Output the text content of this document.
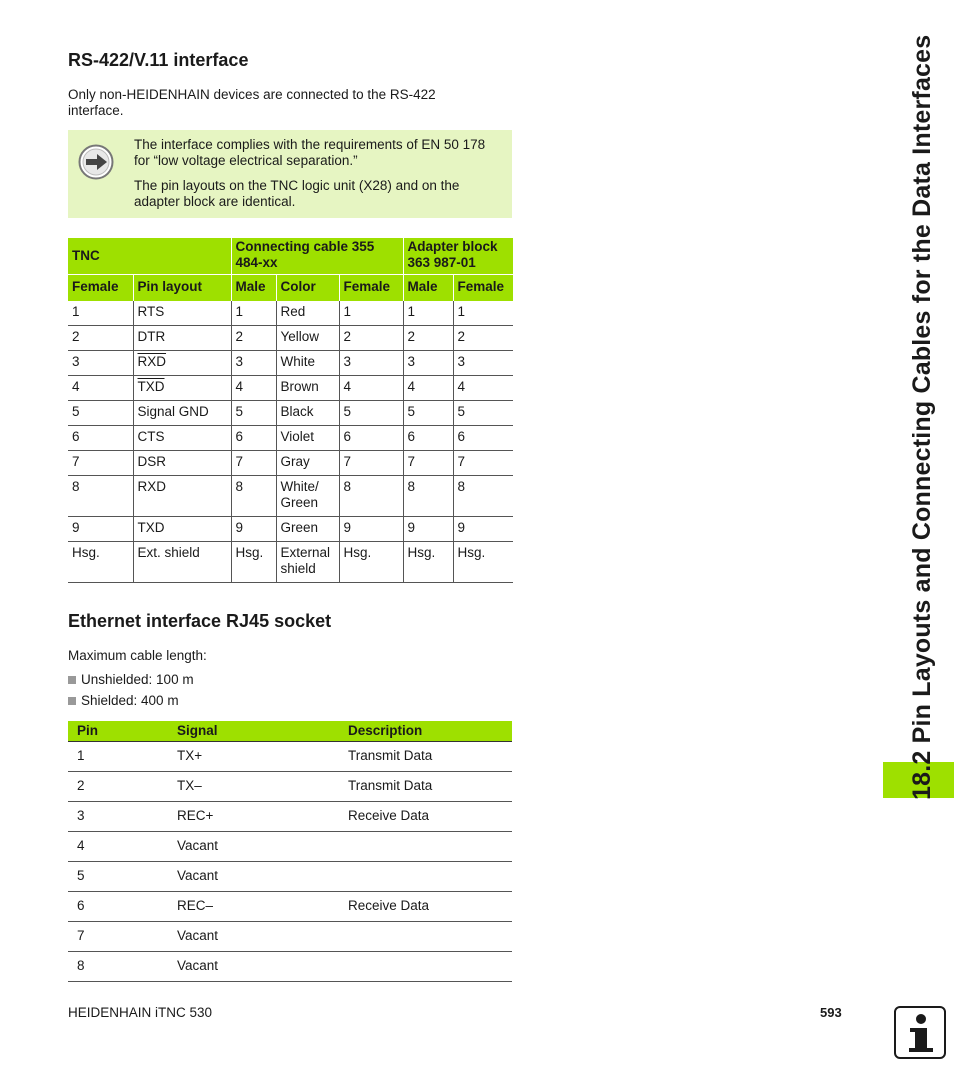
RS-422/V.11 interface

Only non-HEIDENHAIN devices are connected to the RS-422 interface.

The interface complies with the requirements of EN 50 178 for “low voltage electrical separation.”

The pin layouts on the TNC logic unit (X28) and on the adapter block are identical.

TNC		Connecting cable 355 484-xx			Adapter block 363 987-01	
Female	Pin layout	Male	Color	Female	Male	Female
1	RTS	1	Red	1	1	1
2	DTR	2	Yellow	2	2	2
3	$\overline{RXD}$	3	White	3	3	3
4	$\overline{TXD}$	4	Brown	4	4	4
5	Signal GND	5	Black	5	5	5
6	CTS	6	Violet	6	6	6
7	DSR	7	Gray	7	7	7
8	RXD	8	White/ Green	8	8	8
9	TXD	9	Green	9	9	9
Hsg.	Ext. shield	Hsg.	External shield	Hsg.	Hsg.	Hsg.
Ethernet interface RJ45 socket

Maximum cable length:

Unshielded: 100 m
Shielded: 400 m
Pin	Signal	Description
1	TX+	Transmit Data
2	TX–	Transmit Data
3	REC+	Receive Data
4	Vacant	
5	Vacant	
6	REC–	Receive Data
7	Vacant	
8	Vacant	
18.2 Pin Layouts and Connecting Cables for the Data Interfaces
HEIDENHAIN iTNC 530	593
